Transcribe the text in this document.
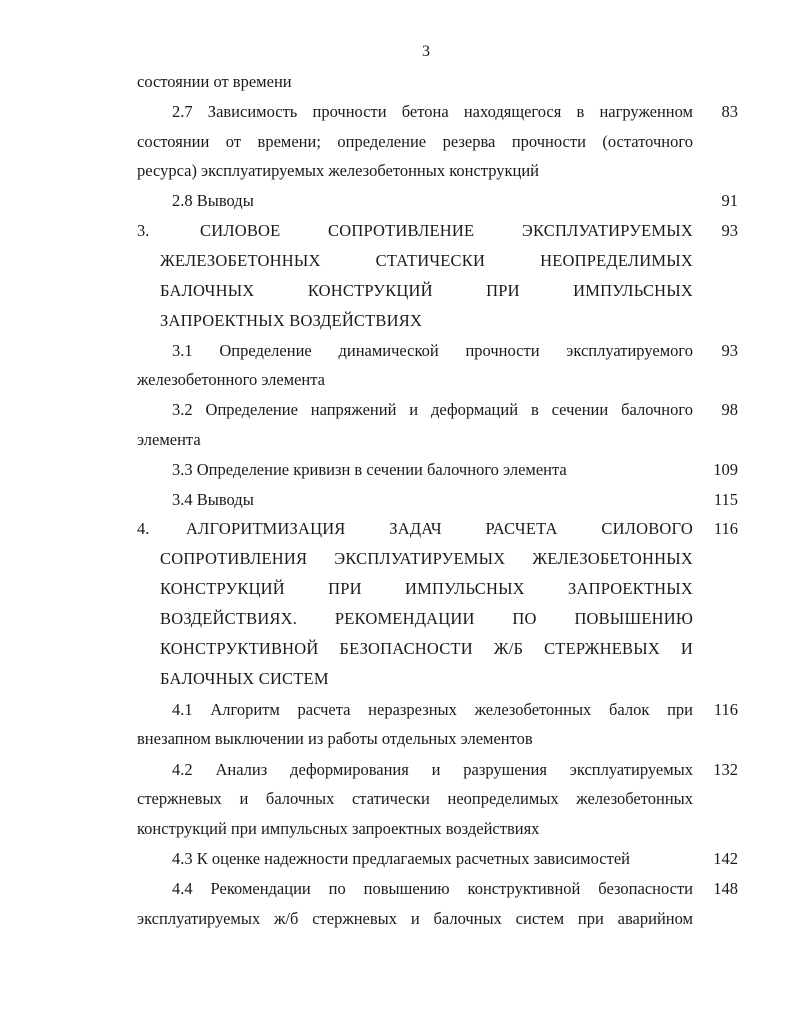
3
состоянии от времени
2.7 Зависимость прочности бетона находящегося в нагруженном	83
состоянии от времени; определение резерва прочности (остаточного
ресурса) эксплуатируемых железобетонных конструкций
2.8 Выводы	91
3.	СИЛОВОЕ СОПРОТИВЛЕНИЕ ЭКСПЛУАТИРУЕМЫХ	93
ЖЕЛЕЗОБЕТОННЫХ СТАТИЧЕСКИ НЕОПРЕДЕЛИМЫХ
БАЛОЧНЫХ КОНСТРУКЦИЙ ПРИ ИМПУЛЬСНЫХ
ЗАПРОЕКТНЫХ ВОЗДЕЙСТВИЯХ
3.1 Определение динамической прочности эксплуатируемого	93
железобетонного элемента
3.2 Определение напряжений и деформаций в сечении балочного	98
элемента
3.3 Определение кривизн в сечении балочного элемента	109
3.4 Выводы	115
4.	АЛГОРИТМИЗАЦИЯ ЗАДАЧ РАСЧЕТА СИЛОВОГО	116
СОПРОТИВЛЕНИЯ ЭКСПЛУАТИРУЕМЫХ ЖЕЛЕЗОБЕТОННЫХ
КОНСТРУКЦИЙ ПРИ ИМПУЛЬСНЫХ ЗАПРОЕКТНЫХ
ВОЗДЕЙСТВИЯХ. РЕКОМЕНДАЦИИ ПО ПОВЫШЕНИЮ
КОНСТРУКТИВНОЙ БЕЗОПАСНОСТИ Ж/Б СТЕРЖНЕВЫХ И
БАЛОЧНЫХ СИСТЕМ
4.1 Алгоритм расчета неразрезных железобетонных балок при	116
внезапном выключении из работы отдельных элементов
4.2 Анализ деформирования и разрушения эксплуатируемых	132
стержневых и балочных статически неопределимых железобетонных
конструкций при импульсных запроектных воздействиях
4.3 К оценке надежности предлагаемых расчетных зависимостей	142
4.4 Рекомендации по повышению конструктивной безопасности	148
эксплуатируемых ж/б стержневых и балочных систем при аварийном
